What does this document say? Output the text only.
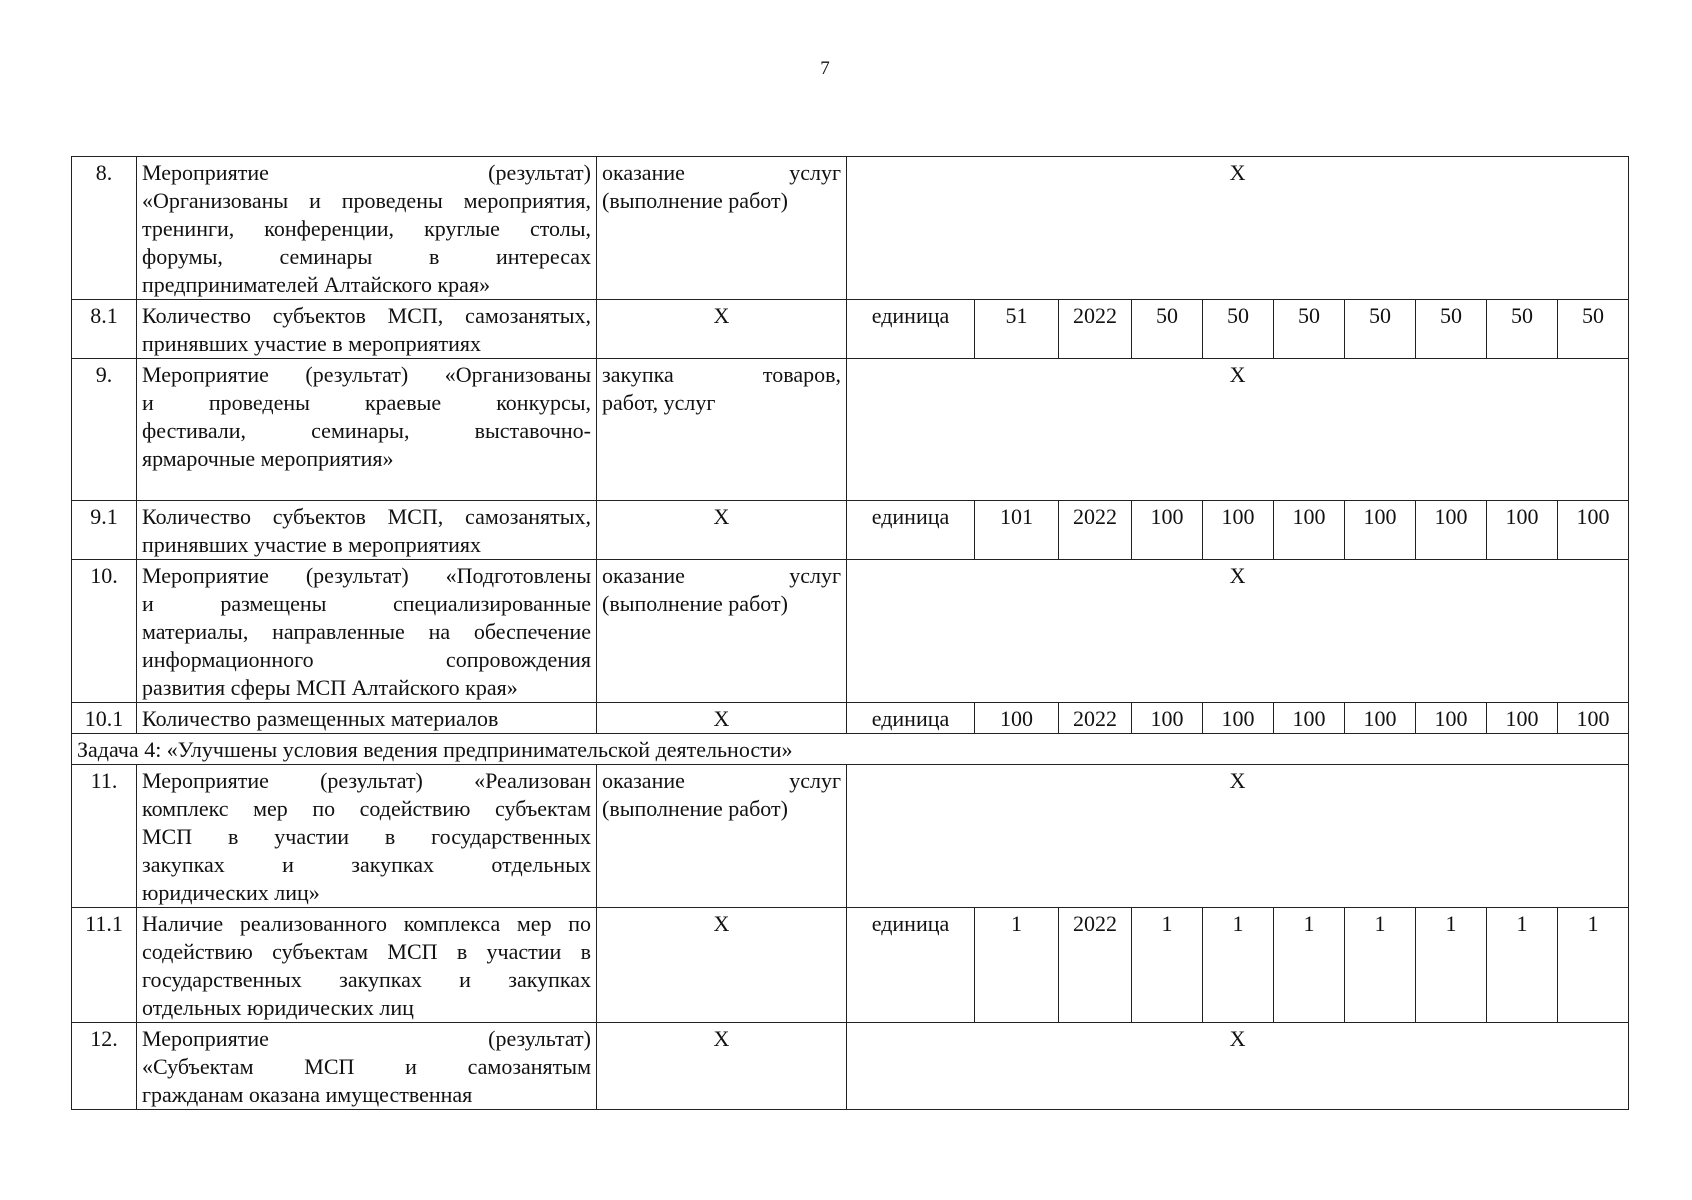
7
8.	Мероприятие (результат)
«Организованы и проведены мероприятия,
тренинги, конференции, круглые столы,
форумы, семинары в интересах
предпринимателей Алтайского края»	оказание услуг
(выполнение работ)	X									
8.1	Количество субъектов МСП, самозанятых,
принявших участие в мероприятиях	X	единица	51	2022	50	50	50	50	50	50	50
9.	Мероприятие (результат) «Организованы
и проведены краевые конкурсы,
фестивали, семинары, выставочно-
ярмарочные мероприятия»	закупка товаров,
работ, услуг	X									
9.1	Количество субъектов МСП, самозанятых,
принявших участие в мероприятиях	X	единица	101	2022	100	100	100	100	100	100	100
10.	Мероприятие (результат) «Подготовлены
и размещены специализированные
материалы, направленные на обеспечение
информационного сопровождения
развития сферы МСП Алтайского края»	оказание услуг
(выполнение работ)	X									
10.1	Количество размещенных материалов	X	единица	100	2022	100	100	100	100	100	100	100
Задача 4: «Улучшены условия ведения предпринимательской деятельности»												
11.	Мероприятие (результат) «Реализован
комплекс мер по содействию субъектам
МСП в участии в государственных
закупках и закупках отдельных
юридических лиц»	оказание услуг
(выполнение работ)	X									
11.1	Наличие реализованного комплекса мер по
содействию субъектам МСП в участии в
государственных закупках и закупках
отдельных юридических лиц	X	единица	1	2022	1	1	1	1	1	1	1
12.	Мероприятие (результат)
«Субъектам МСП и самозанятым
гражданам оказана имущественная	X	X									
